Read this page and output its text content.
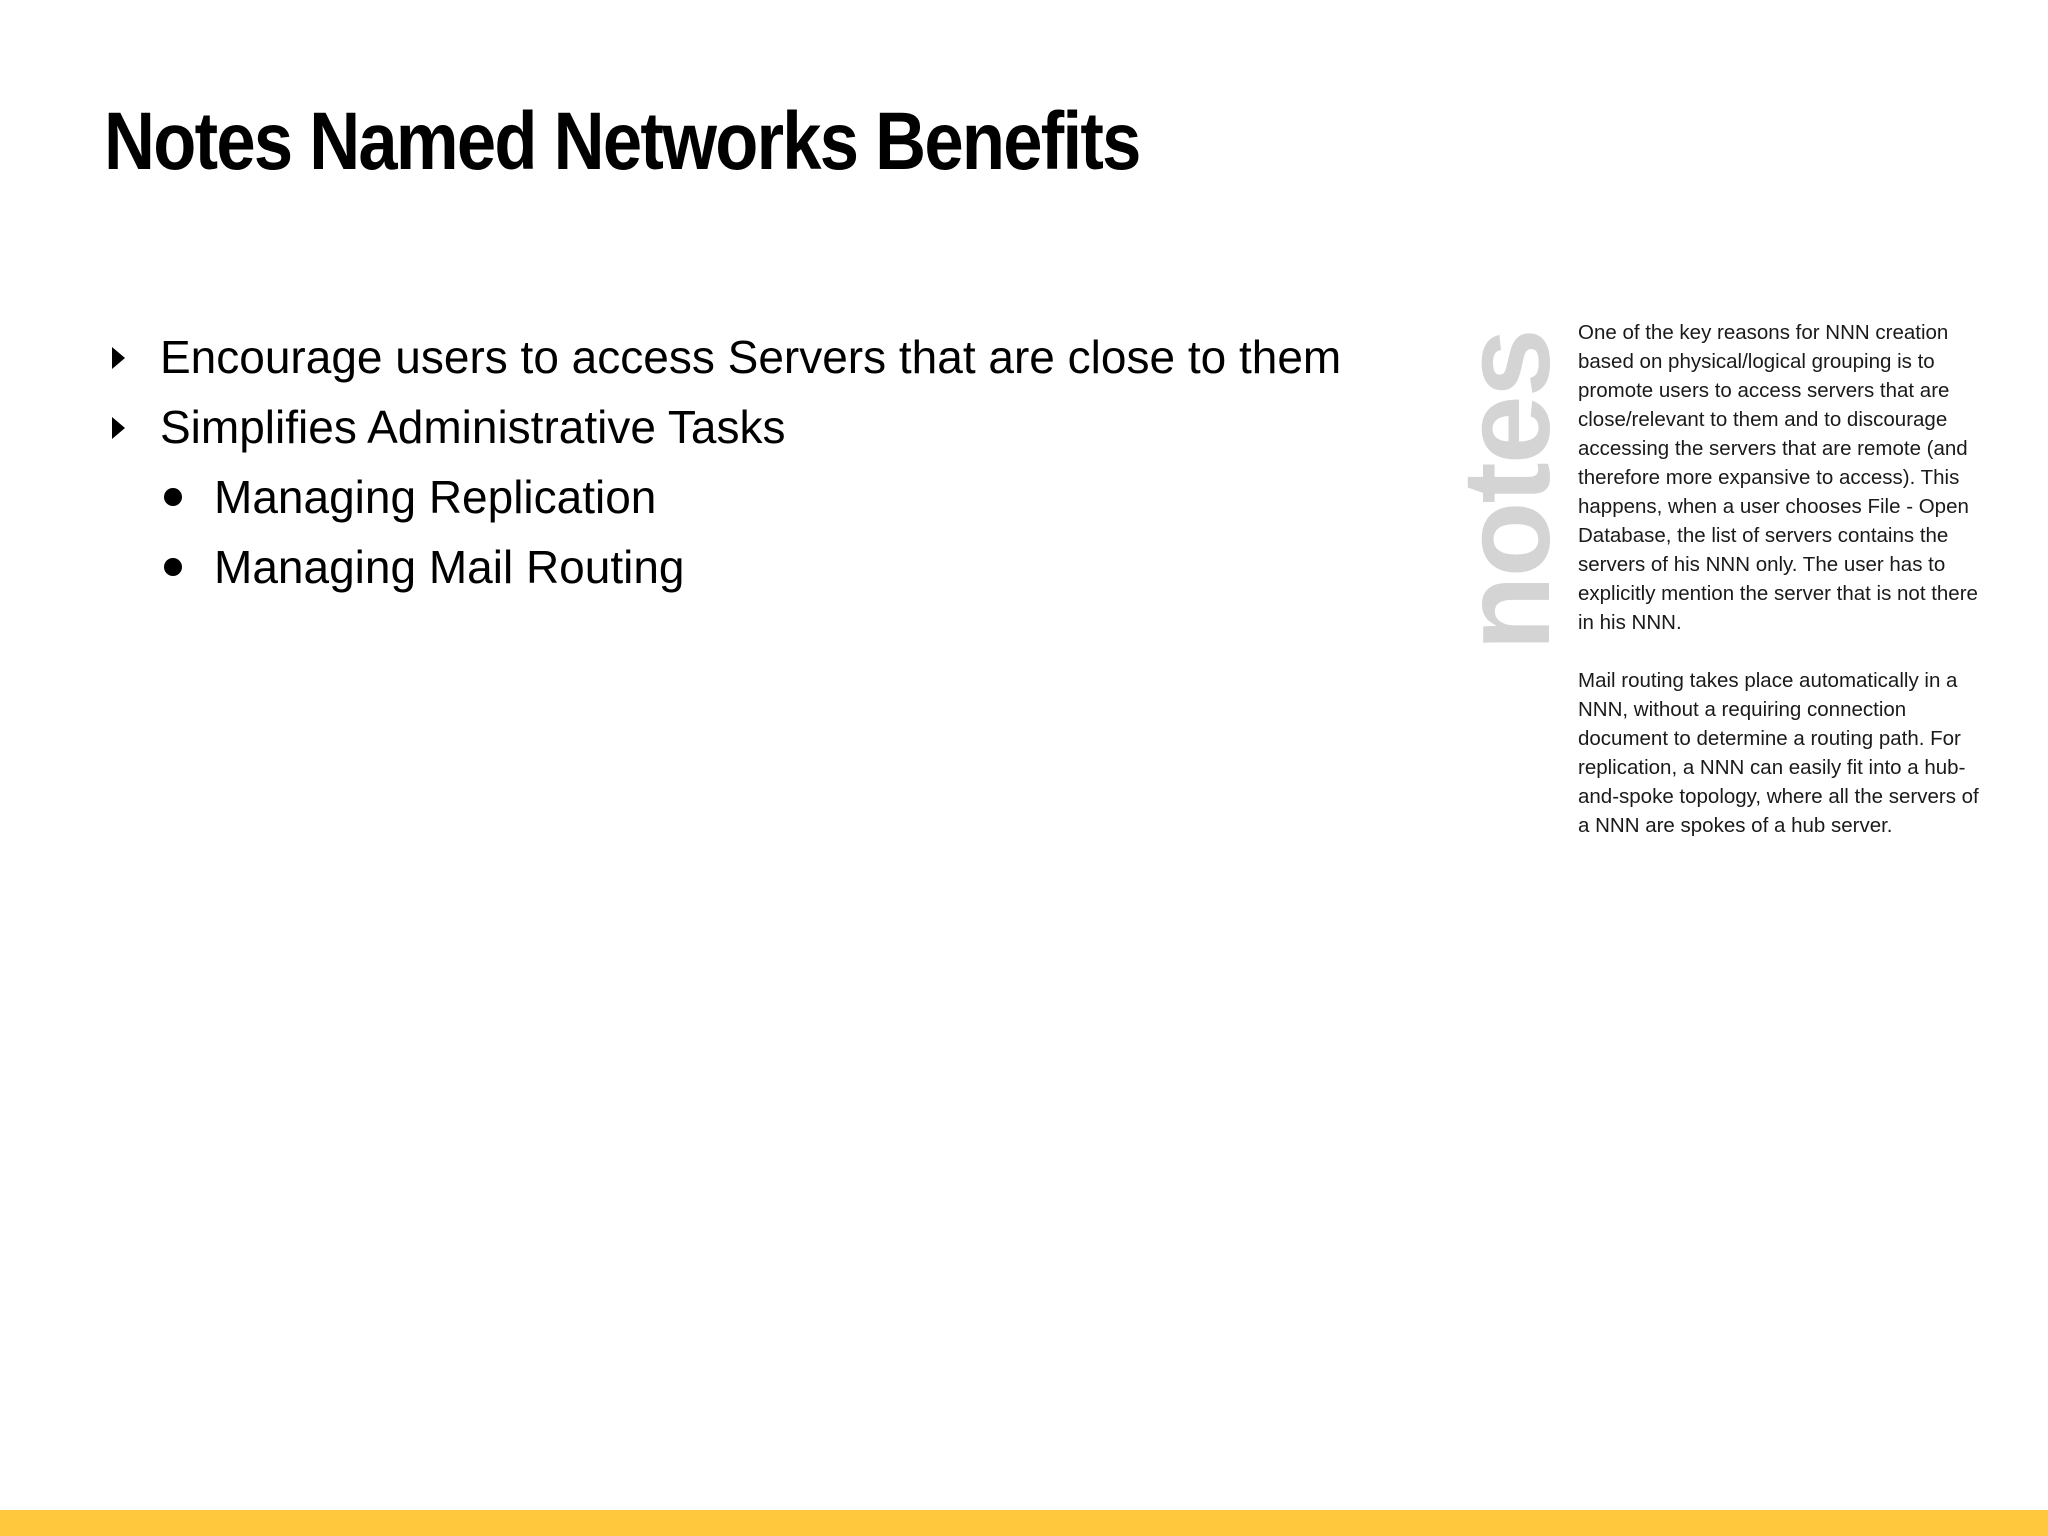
Notes Named Networks Benefits
Encourage users to access Servers that are close to them
Simplifies Administrative Tasks
Managing Replication
Managing Mail Routing	notes One of the key reasons for NNN creation based on physical/logical grouping is to promote users to access servers that are close/relevant to them and to discourage accessing the servers that are remote (and therefore more expansive to access). This happens, when a user chooses File - Open Database, the list of servers contains the servers of his NNN only. The user has to explicitly mention the server that is not there in his NNN.

Mail routing takes place automatically in a NNN, without a requiring connection document to determine a routing path. For replication, a NNN can easily fit into a hub-and-spoke topology, where all the servers of a NNN are spokes of a hub server.
